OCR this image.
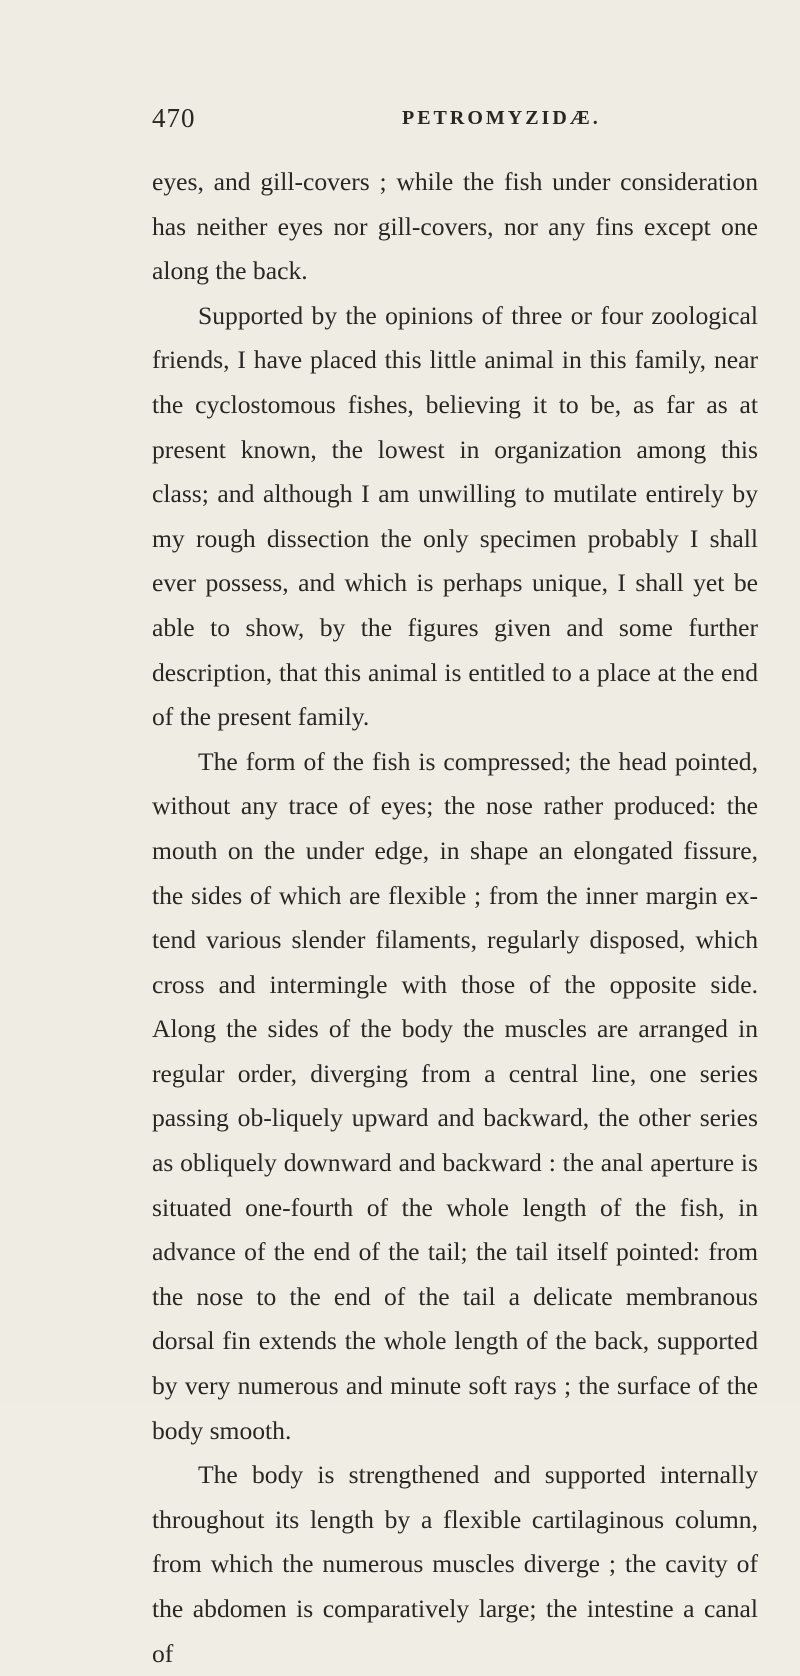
470	PETROMYZIDÆ.

eyes, and gill-covers ; while the fish under consideration has neither eyes nor gill-covers, nor any fins except one along the back.

Supported by the opinions of three or four zoological friends, I have placed this little animal in this family, near the cyclostomous fishes, believing it to be, as far as at present known, the lowest in organization among this class; and although I am unwilling to mutilate entirely by my rough dissection the only specimen probably I shall ever possess, and which is perhaps unique, I shall yet be able to show, by the figures given and some further description, that this animal is entitled to a place at the end of the present family.

The form of the fish is compressed; the head pointed, without any trace of eyes; the nose rather produced: the mouth on the under edge, in shape an elongated fissure, the sides of which are flexible ; from the inner margin ex-tend various slender filaments, regularly disposed, which cross and intermingle with those of the opposite side. Along the sides of the body the muscles are arranged in regular order, diverging from a central line, one series passing ob-liquely upward and backward, the other series as obliquely downward and backward : the anal aperture is situated one-fourth of the whole length of the fish, in advance of the end of the tail; the tail itself pointed: from the nose to the end of the tail a delicate membranous dorsal fin extends the whole length of the back, supported by very numerous and minute soft rays ; the surface of the body smooth.

The body is strengthened and supported internally throughout its length by a flexible cartilaginous column, from which the numerous muscles diverge ; the cavity of the abdomen is comparatively large; the intestine a canal of
